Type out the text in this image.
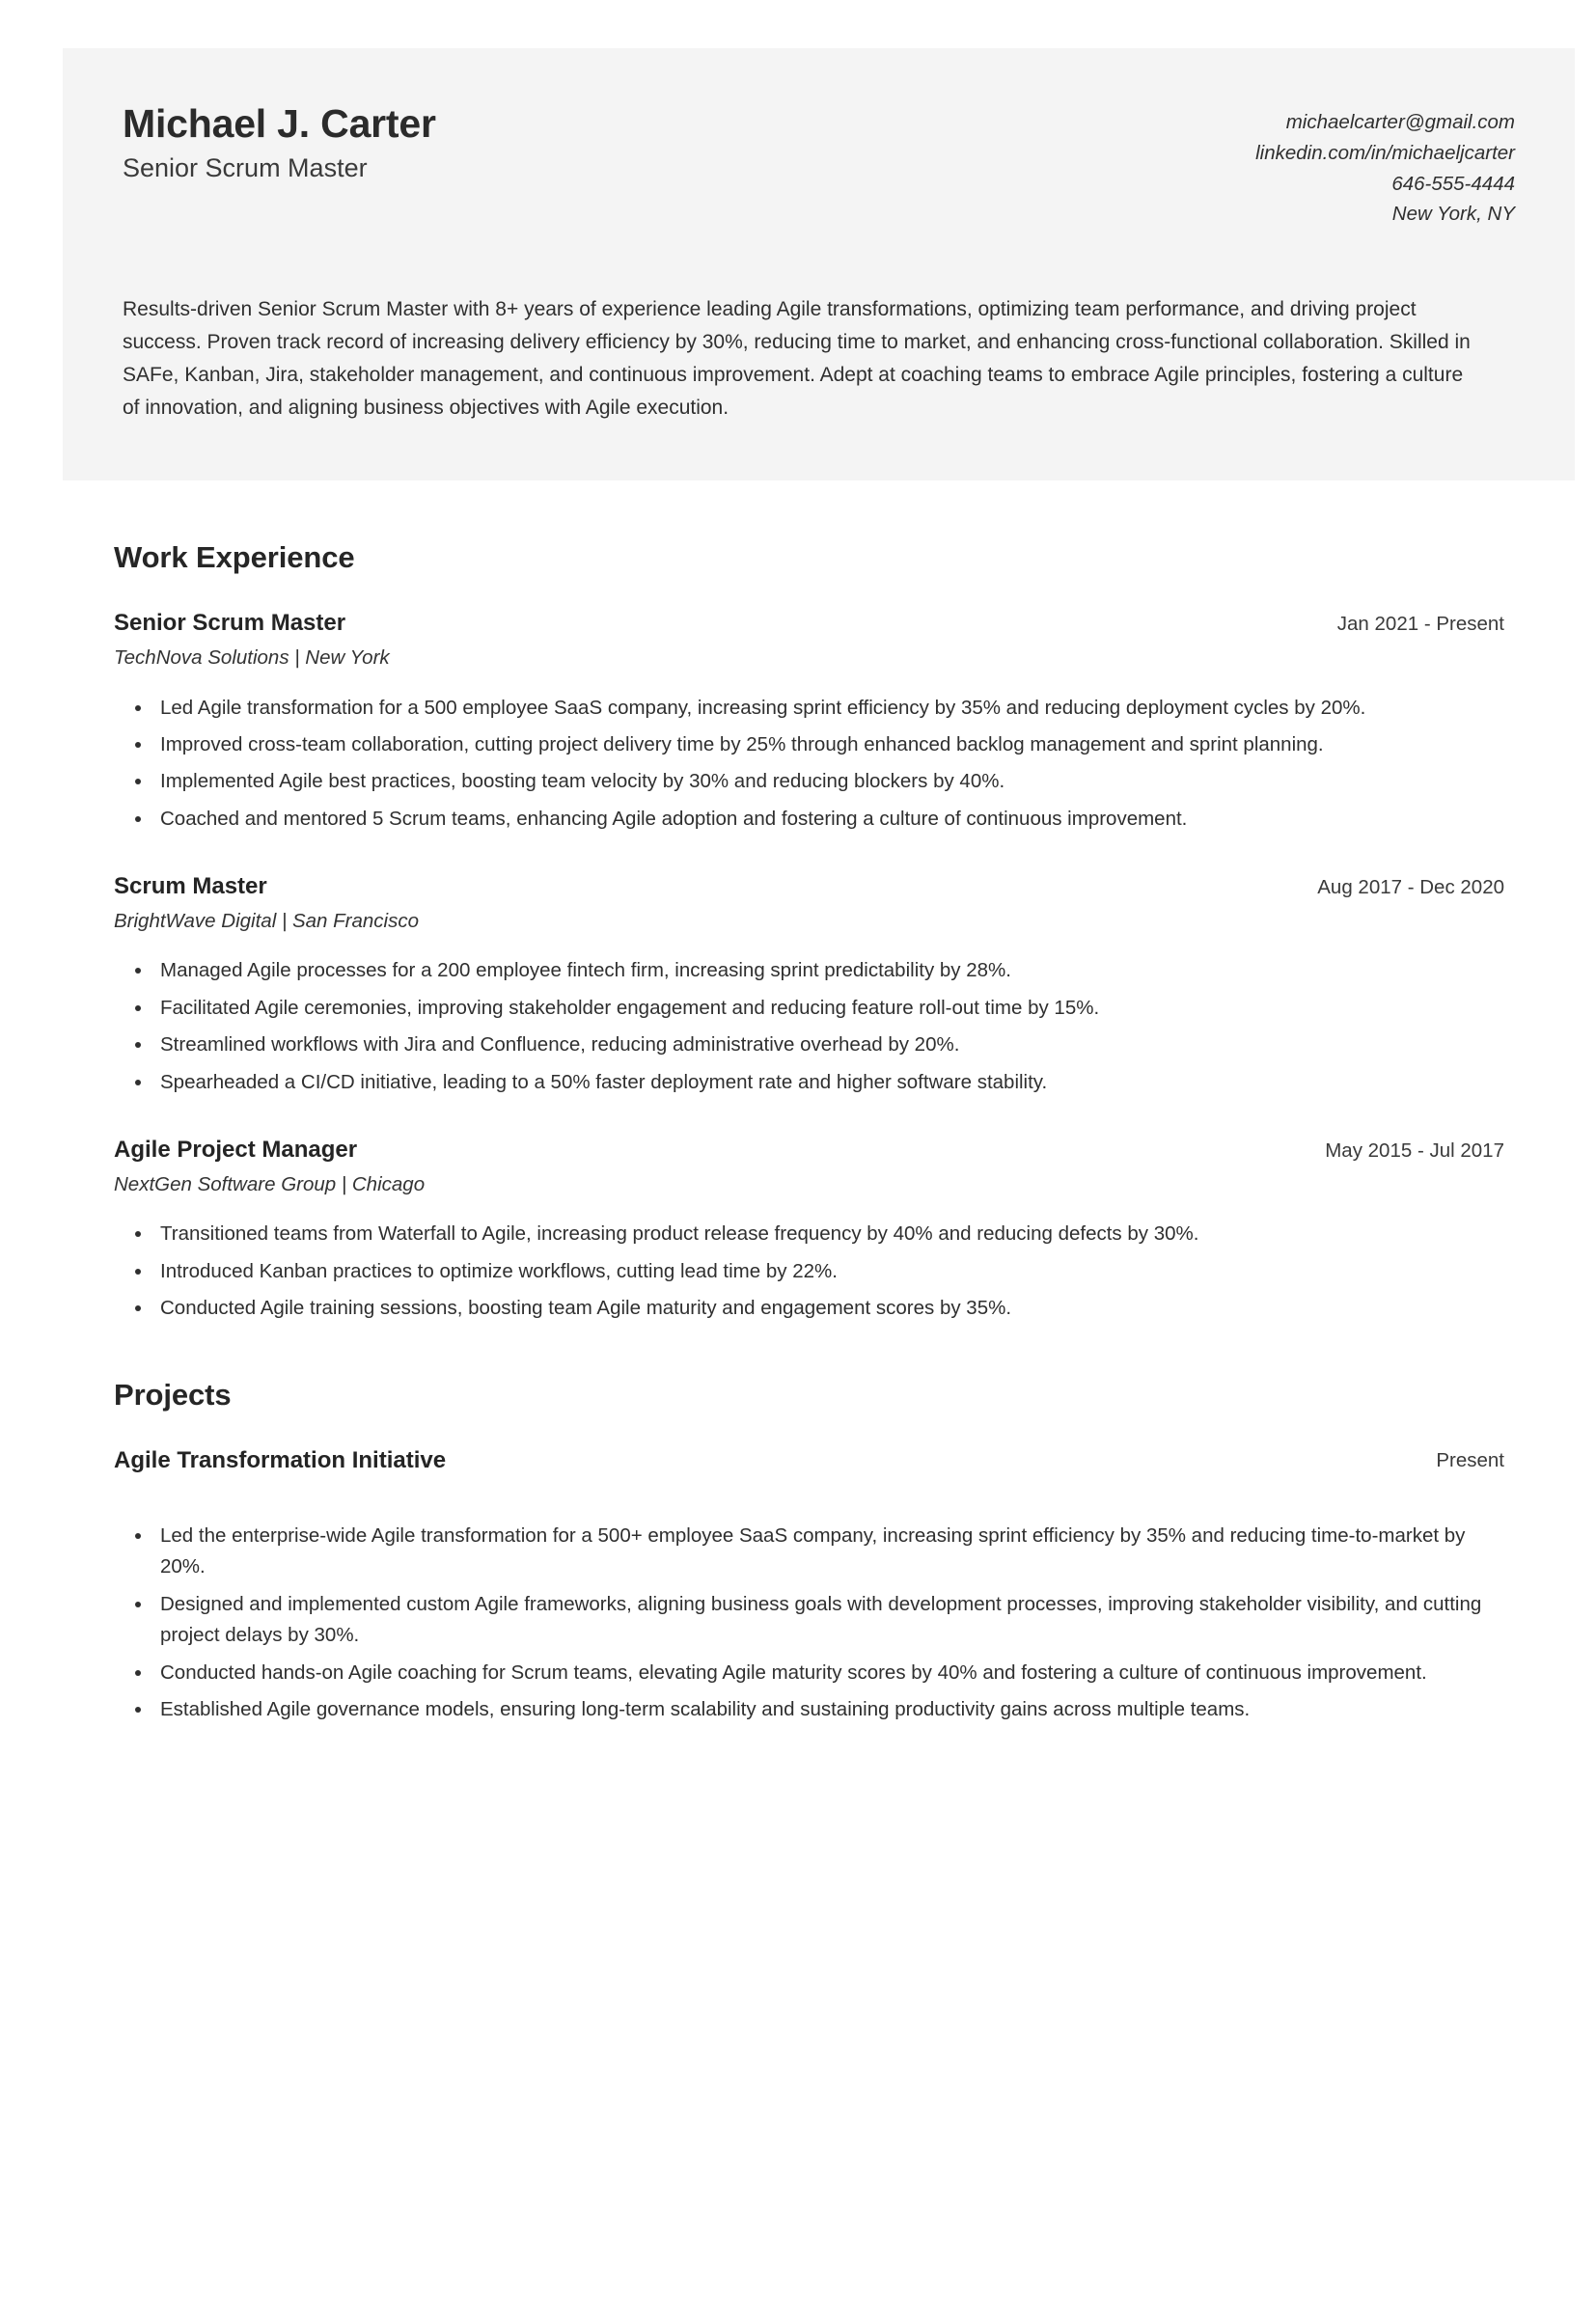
Michael J. Carter
Senior Scrum Master
michaelcarter@gmail.com
linkedin.com/in/michaeljcarter
646-555-4444
New York, NY

Results-driven Senior Scrum Master with 8+ years of experience leading Agile transformations, optimizing team performance, and driving project success. Proven track record of increasing delivery efficiency by 30%, reducing time to market, and enhancing cross-functional collaboration. Skilled in SAFe, Kanban, Jira, stakeholder management, and continuous improvement. Adept at coaching teams to embrace Agile principles, fostering a culture of innovation, and aligning business objectives with Agile execution.

Work Experience
Senior Scrum Master	Jan 2021 - Present
TechNova Solutions | New York
Led Agile transformation for a 500 employee SaaS company, increasing sprint efficiency by 35% and reducing deployment cycles by 20%.
Improved cross-team collaboration, cutting project delivery time by 25% through enhanced backlog management and sprint planning.
Implemented Agile best practices, boosting team velocity by 30% and reducing blockers by 40%.
Coached and mentored 5 Scrum teams, enhancing Agile adoption and fostering a culture of continuous improvement.
Scrum Master	Aug 2017 - Dec 2020
BrightWave Digital | San Francisco
Managed Agile processes for a 200 employee fintech firm, increasing sprint predictability by 28%.
Facilitated Agile ceremonies, improving stakeholder engagement and reducing feature roll-out time by 15%.
Streamlined workflows with Jira and Confluence, reducing administrative overhead by 20%.
Spearheaded a CI/CD initiative, leading to a 50% faster deployment rate and higher software stability.
Agile Project Manager	May 2015 - Jul 2017
NextGen Software Group | Chicago
Transitioned teams from Waterfall to Agile, increasing product release frequency by 40% and reducing defects by 30%.
Introduced Kanban practices to optimize workflows, cutting lead time by 22%.
Conducted Agile training sessions, boosting team Agile maturity and engagement scores by 35%.
Projects
Agile Transformation Initiative	Present
Led the enterprise-wide Agile transformation for a 500+ employee SaaS company, increasing sprint efficiency by 35% and reducing time-to-market by 20%.
Designed and implemented custom Agile frameworks, aligning business goals with development processes, improving stakeholder visibility, and cutting project delays by 30%.
Conducted hands-on Agile coaching for Scrum teams, elevating Agile maturity scores by 40% and fostering a culture of continuous improvement.
Established Agile governance models, ensuring long-term scalability and sustaining productivity gains across multiple teams.
